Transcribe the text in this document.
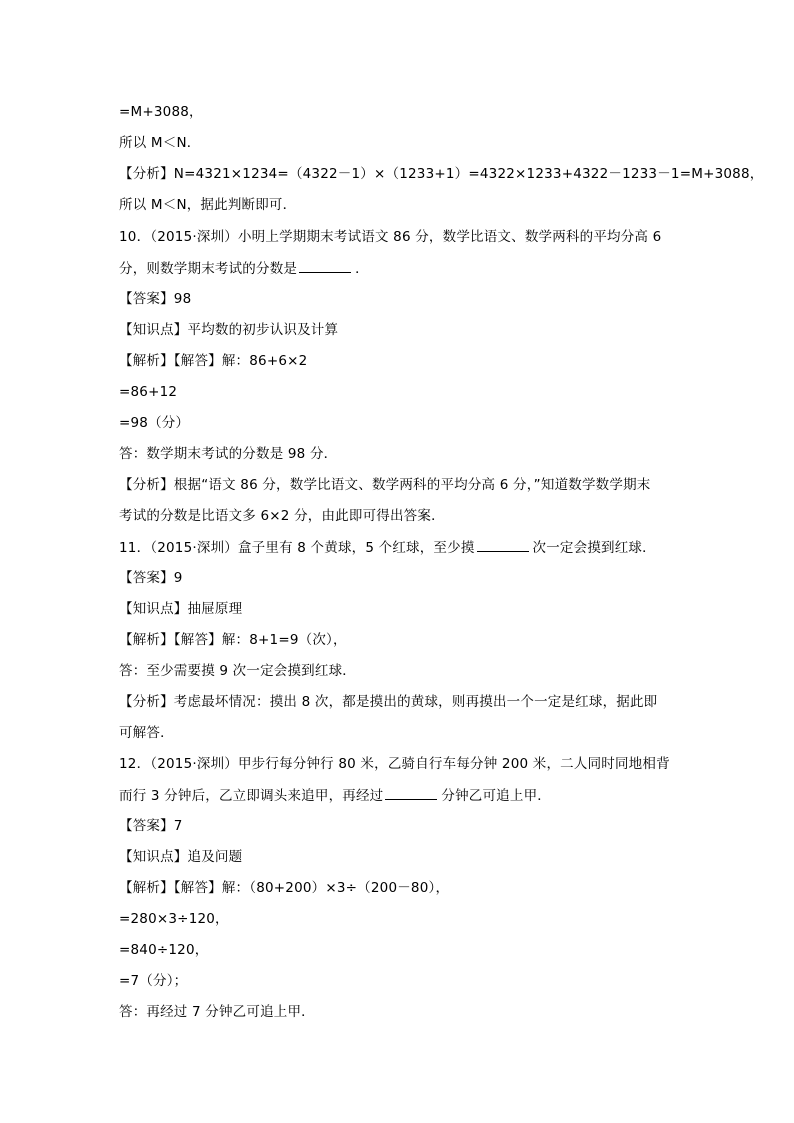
=M+3088，
所以 M＜N．
【分析】N=4321×1234=（4322－1）×（1233+1）=4322×1233+4322－1233－1=M+3088，
所以 M＜N，据此判断即可．
10．（2015·深圳）小明上学期期末考试语文 86 分，数学比语文、数学两科的平均分高 6
分，则数学期末考试的分数是	．
【答案】98
【知识点】平均数的初步认识及计算
【解析】【解答】解：86+6×2
=86+12
=98（分）
答：数学期末考试的分数是 98 分．
【分析】根据“语文 86 分，数学比语文、数学两科的平均分高 6 分，”知道数学数学期末
考试的分数是比语文多 6×2 分，由此即可得出答案．
11．（2015·深圳）盒子里有 8 个黄球，5 个红球，至少摸	次一定会摸到红球．
【答案】9
【知识点】抽屉原理
【解析】【解答】解：8+1=9（次），
答：至少需要摸 9 次一定会摸到红球．
【分析】考虑最坏情况：摸出 8 次，都是摸出的黄球，则再摸出一个一定是红球，据此即
可解答．
12．（2015·深圳）甲步行每分钟行 80 米，乙骑自行车每分钟 200 米，二人同时同地相背
而行 3 分钟后，乙立即调头来追甲，再经过	分钟乙可追上甲．
【答案】7
【知识点】追及问题
【解析】【解答】解：（80+200）×3÷（200－80），
=280×3÷120，
=840÷120，
=7（分）；
答：再经过 7 分钟乙可追上甲．
